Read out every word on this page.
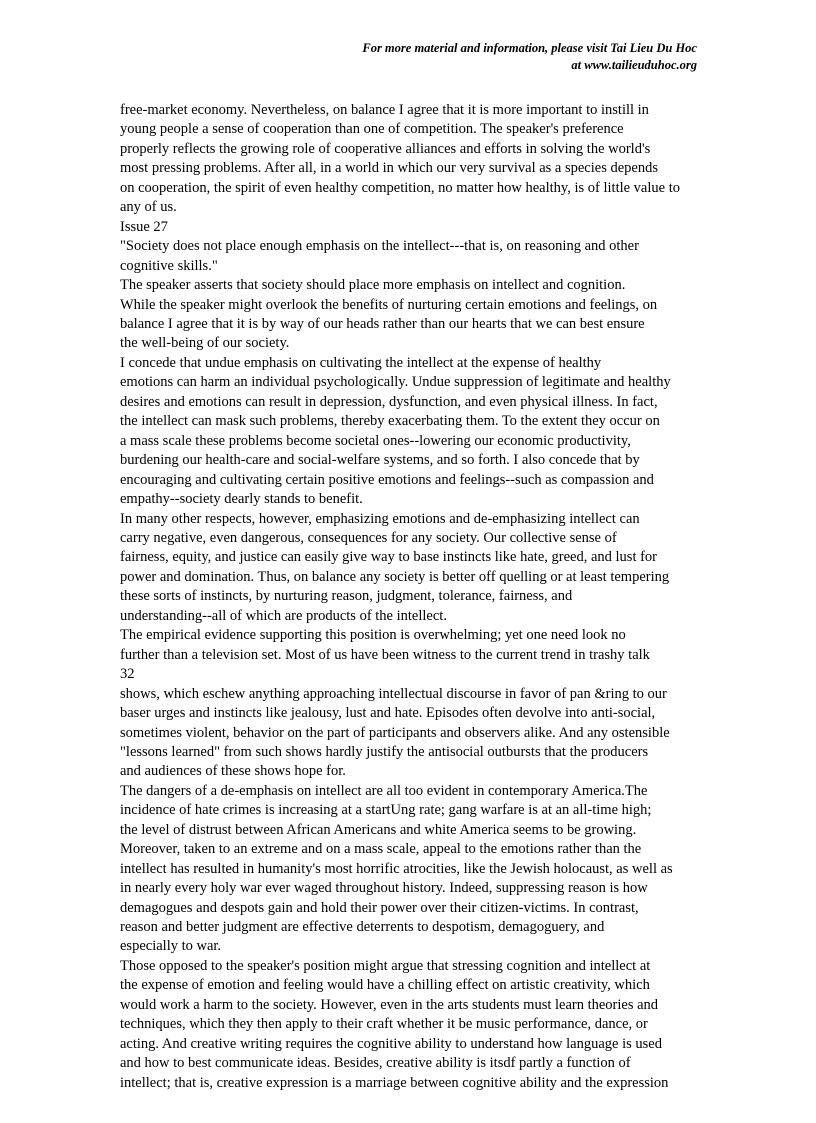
For more material and information, please visit Tai Lieu Du Hoc
at www.tailieuduhoc.org
free-market economy. Nevertheless, on balance I agree that it is more important to instill in
young people a sense of cooperation than one of competition. The speaker's preference
properly reflects the growing role of cooperative alliances and efforts in solving the world's
most pressing problems. After all, in a world in which our very survival as a species depends
on cooperation, the spirit of even healthy competition, no matter how healthy, is of little value to
any of us.
Issue 27
"Society does not place enough emphasis on the intellect---that is, on reasoning and other
cognitive skills."
The speaker asserts that society should place more emphasis on intellect and cognition.
While the speaker might overlook the benefits of nurturing certain emotions and feelings, on
balance I agree that it is by way of our heads rather than our hearts that we can best ensure
the well-being of our society.
I concede that undue emphasis on cultivating the intellect at the expense of healthy
emotions can harm an individual psychologically. Undue suppression of legitimate and healthy
desires and emotions can result in depression, dysfunction, and even physical illness. In fact,
the intellect can mask such problems, thereby exacerbating them. To the extent they occur on
a mass scale these problems become societal ones--lowering our economic productivity,
burdening our health-care and social-welfare systems, and so forth. I also concede that by
encouraging and cultivating certain positive emotions and feelings--such as compassion and
empathy--society dearly stands to benefit.
In many other respects, however, emphasizing emotions and de-emphasizing intellect can
carry negative, even dangerous, consequences for any society. Our collective sense of
fairness, equity, and justice can easily give way to base instincts like hate, greed, and lust for
power and domination. Thus, on balance any society is better off quelling or at least tempering
these sorts of instincts, by nurturing reason, judgment, tolerance, fairness, and
understanding--all of which are products of the intellect.
The empirical evidence supporting this position is overwhelming; yet one need look no
further than a television set. Most of us have been witness to the current trend in trashy talk
32
shows, which eschew anything approaching intellectual discourse in favor of pan &ring to our
baser urges and instincts like jealousy, lust and hate. Episodes often devolve into anti-social,
sometimes violent, behavior on the part of participants and observers alike. And any ostensible
"lessons learned" from such shows hardly justify the antisocial outbursts that the producers
and audiences of these shows hope for.
The dangers of a de-emphasis on intellect are all too evident in contemporary America.The
incidence of hate crimes is increasing at a startUng rate; gang warfare is at an all-time high;
the level of distrust between African Americans and white America seems to be growing.
Moreover, taken to an extreme and on a mass scale, appeal to the emotions rather than the
intellect has resulted in humanity's most horrific atrocities, like the Jewish holocaust, as well as
in nearly every holy war ever waged throughout history. Indeed, suppressing reason is how
demagogues and despots gain and hold their power over their citizen-victims. In contrast,
reason and better judgment are effective deterrents to despotism, demagoguery, and
especially to war.
Those opposed to the speaker's position might argue that stressing cognition and intellect at
the expense of emotion and feeling would have a chilling effect on artistic creativity, which
would work a harm to the society. However, even in the arts students must learn theories and
techniques, which they then apply to their craft whether it be music performance, dance, or
acting. And creative writing requires the cognitive ability to understand how language is used
and how to best communicate ideas. Besides, creative ability is itsdf partly a function of
intellect; that is, creative expression is a marriage between cognitive ability and the expression
